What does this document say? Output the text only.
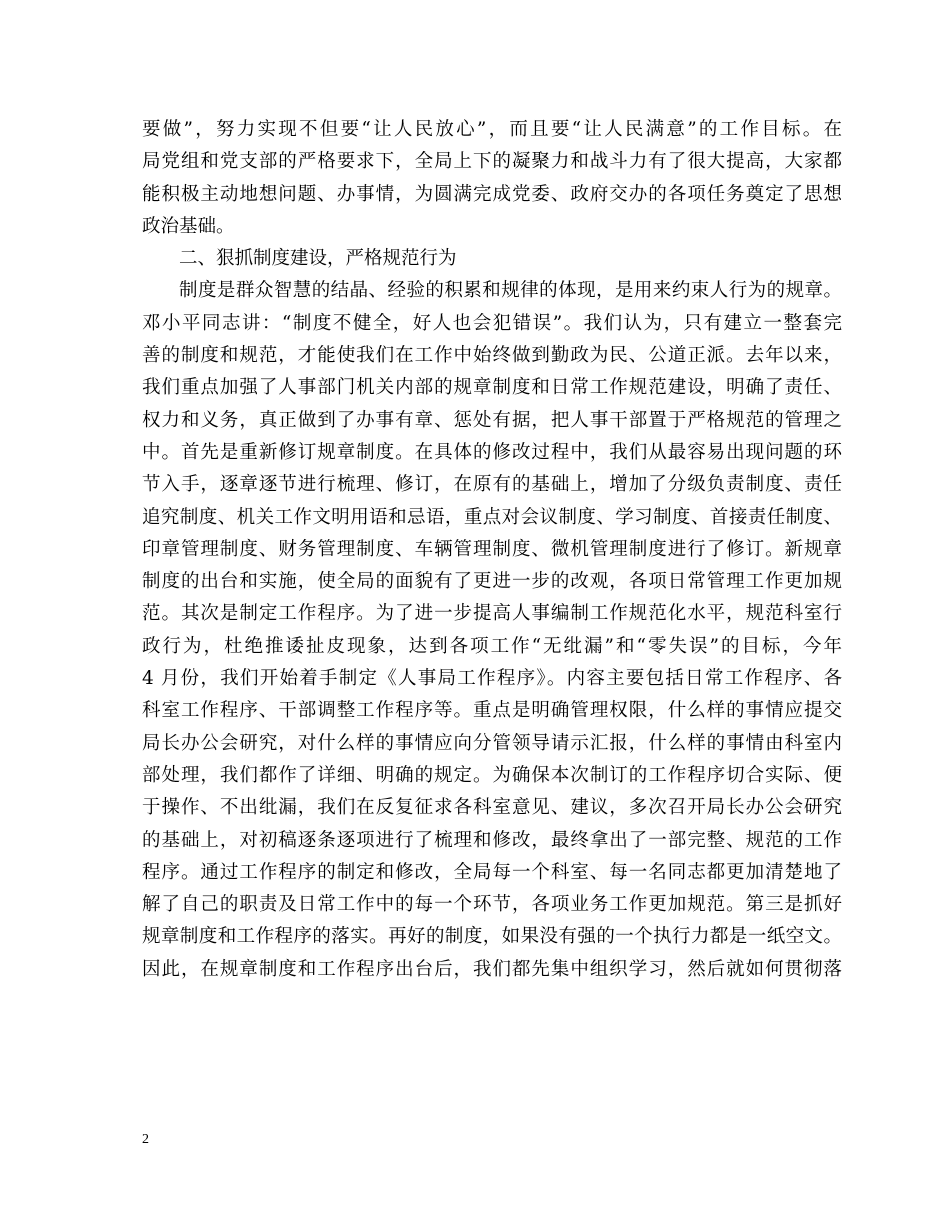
要做”，努力实现不但要“让人民放心”，而且要“让人民满意”的工作目标。在
局党组和党支部的严格要求下，全局上下的凝聚力和战斗力有了很大提高，大家都
能积极主动地想问题、办事情，为圆满完成党委、政府交办的各项任务奠定了思想
政治基础。
二、狠抓制度建设，严格规范行为
制度是群众智慧的结晶、经验的积累和规律的体现，是用来约束人行为的规章。
邓小平同志讲：“制度不健全，好人也会犯错误”。我们认为，只有建立一整套完
善的制度和规范，才能使我们在工作中始终做到勤政为民、公道正派。去年以来，
我们重点加强了人事部门机关内部的规章制度和日常工作规范建设，明确了责任、
权力和义务，真正做到了办事有章、惩处有据，把人事干部置于严格规范的管理之
中。首先是重新修订规章制度。在具体的修改过程中，我们从最容易出现问题的环
节入手，逐章逐节进行梳理、修订，在原有的基础上，增加了分级负责制度、责任
追究制度、机关工作文明用语和忌语，重点对会议制度、学习制度、首接责任制度、
印章管理制度、财务管理制度、车辆管理制度、微机管理制度进行了修订。新规章
制度的出台和实施，使全局的面貌有了更进一步的改观，各项日常管理工作更加规
范。其次是制定工作程序。为了进一步提高人事编制工作规范化水平，规范科室行
政行为，杜绝推诿扯皮现象，达到各项工作“无纰漏”和“零失误”的目标，今年
4 月份，我们开始着手制定《人事局工作程序》。内容主要包括日常工作程序、各
科室工作程序、干部调整工作程序等。重点是明确管理权限，什么样的事情应提交
局长办公会研究，对什么样的事情应向分管领导请示汇报，什么样的事情由科室内
部处理，我们都作了详细、明确的规定。为确保本次制订的工作程序切合实际、便
于操作、不出纰漏，我们在反复征求各科室意见、建议，多次召开局长办公会研究
的基础上，对初稿逐条逐项进行了梳理和修改，最终拿出了一部完整、规范的工作
程序。通过工作程序的制定和修改，全局每一个科室、每一名同志都更加清楚地了
解了自己的职责及日常工作中的每一个环节，各项业务工作更加规范。第三是抓好
规章制度和工作程序的落实。再好的制度，如果没有强的一个执行力都是一纸空文。
因此，在规章制度和工作程序出台后，我们都先集中组织学习，然后就如何贯彻落
2
